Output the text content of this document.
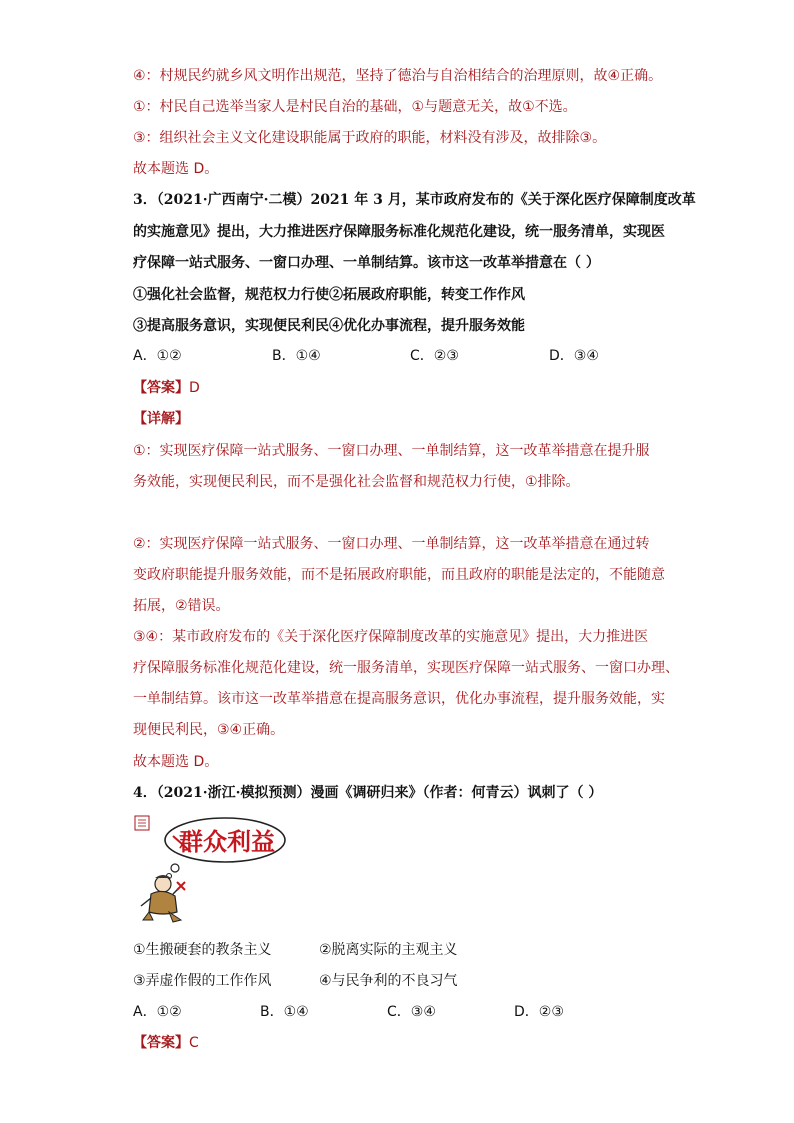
④：村规民约就乡风文明作出规范，坚持了德治与自治相结合的治理原则，故④正确。
①：村民自己选举当家人是村民自治的基础，①与题意无关，故①不选。
③：组织社会主义文化建设职能属于政府的职能，材料没有涉及，故排除③。
故本题选 D。
3．（2021·广西南宁·二模）2021 年 3 月，某市政府发布的《关于深化医疗保障制度改革
的实施意见》提出，大力推进医疗保障服务标准化规范化建设，统一服务清单，实现医
疗保障一站式服务、一窗口办理、一单制结算。该市这一改革举措意在（ ）
①强化社会监督，规范权力行使②拓展政府职能，转变工作作风
③提高服务意识，实现便民利民④优化办事流程，提升服务效能
A．①②	B．①④	C．②③	D．③④
【答案】D
【详解】
①：实现医疗保障一站式服务、一窗口办理、一单制结算，这一改革举措意在提升服
务效能，实现便民利民，而不是强化社会监督和规范权力行使，①排除。
②：实现医疗保障一站式服务、一窗口办理、一单制结算，这一改革举措意在通过转
变政府职能提升服务效能，而不是拓展政府职能，而且政府的职能是法定的，不能随意
拓展，②错误。
③④：某市政府发布的《关于深化医疗保障制度改革的实施意见》提出，大力推进医
疗保障服务标准化规范化建设，统一服务清单，实现医疗保障一站式服务、一窗口办理、
一单制结算。该市这一改革举措意在提高服务意识，优化办事流程，提升服务效能，实
现便民利民，③④正确。
故本题选 D。
4．（2021·浙江·模拟预测）漫画《调研归来》（作者：何青云）讽刺了（ ）
群众利益
①生搬硬套的教条主义	②脱离实际的主观主义
③弄虚作假的工作作风	④与民争利的不良习气
A．①②	B．①④	C．③④	D．②③
【答案】C
